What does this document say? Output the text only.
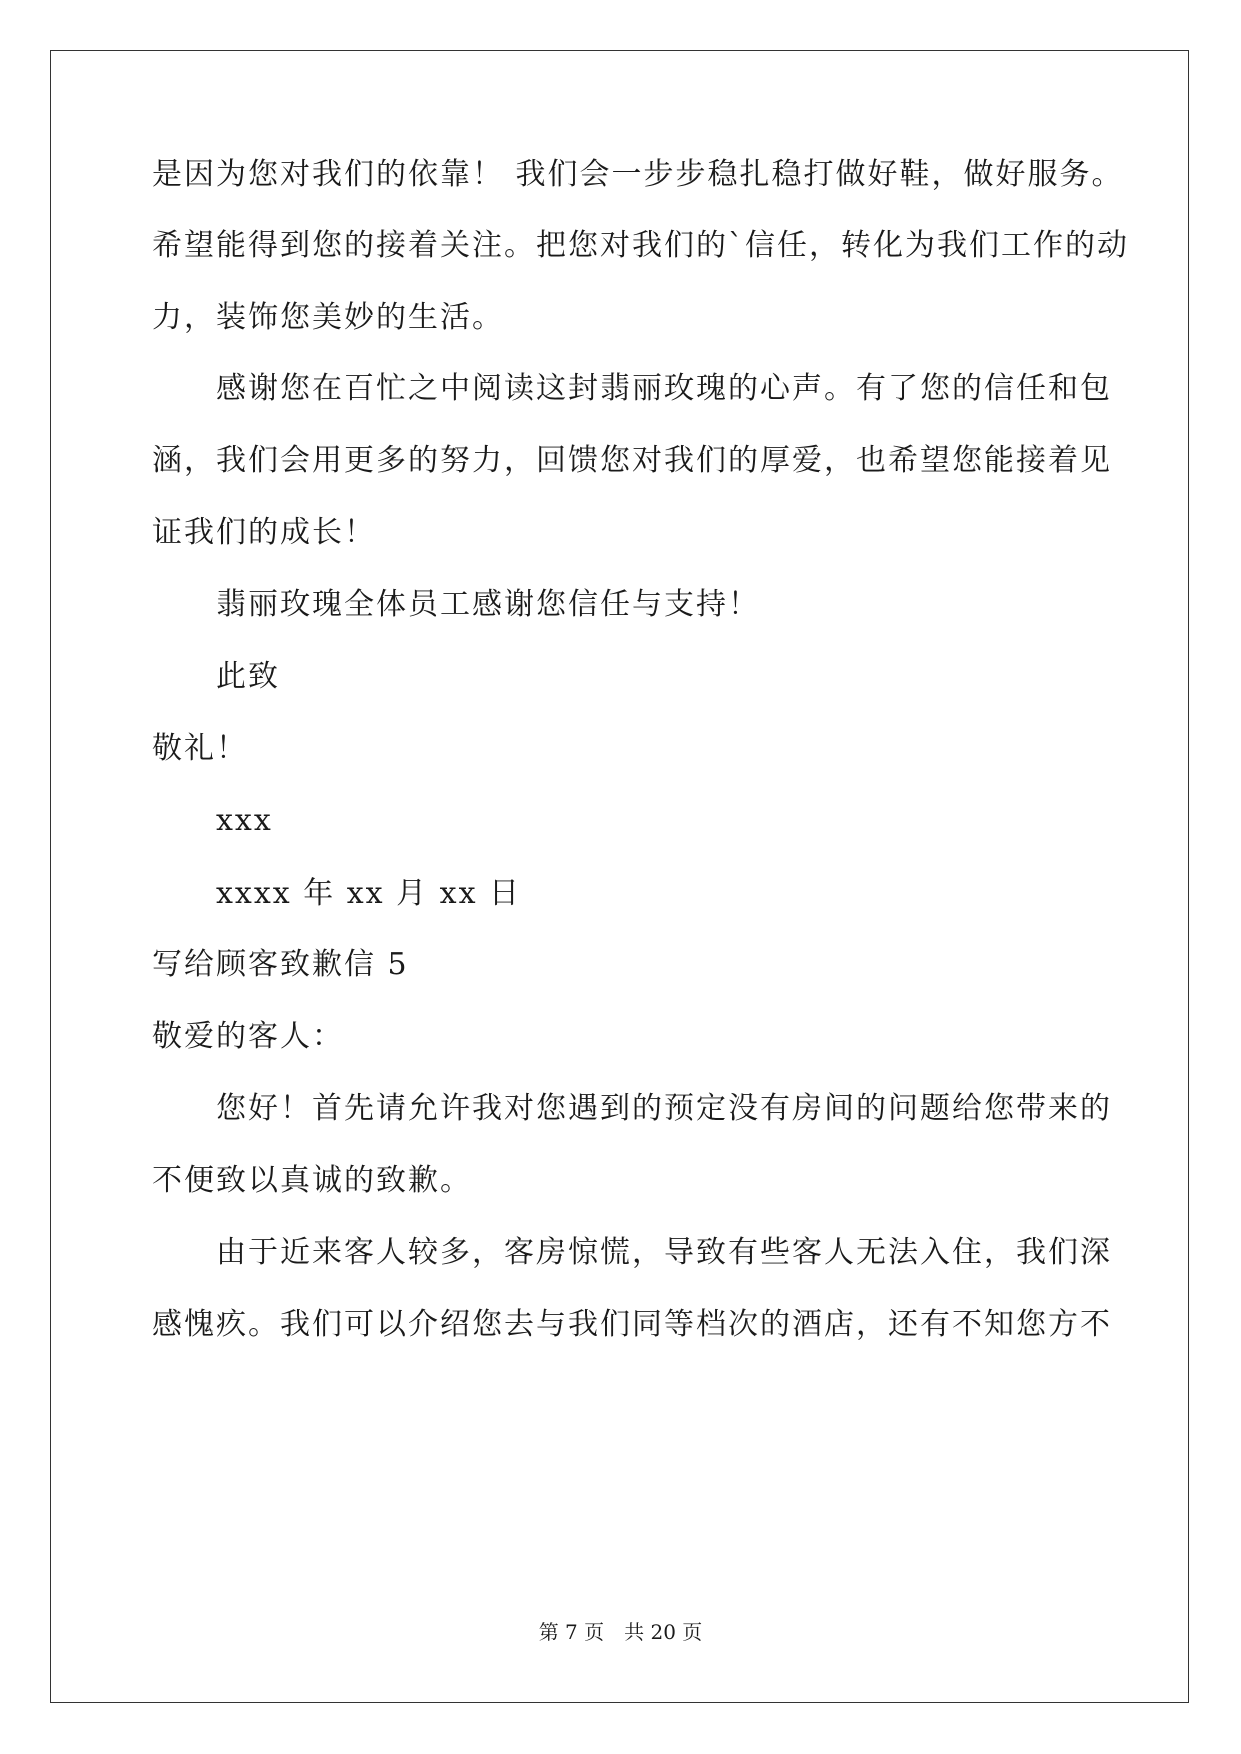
是因为您对我们的依靠！ 我们会一步步稳扎稳打做好鞋，做好服务。
希望能得到您的接着关注。把您对我们的`信任，转化为我们工作的动
力，装饰您美妙的生活。
感谢您在百忙之中阅读这封翡丽玫瑰的心声。有了您的信任和包
涵，我们会用更多的努力，回馈您对我们的厚爱，也希望您能接着见
证我们的成长！
翡丽玫瑰全体员工感谢您信任与支持！
此致
敬礼！
xxx
xxxx 年 xx 月 xx 日
写给顾客致歉信 5
敬爱的客人：
您好！首先请允许我对您遇到的预定没有房间的问题给您带来的
不便致以真诚的致歉。
由于近来客人较多，客房惊慌，导致有些客人无法入住，我们深
感愧疚。我们可以介绍您去与我们同等档次的酒店，还有不知您方不
第 7 页 共 20 页
